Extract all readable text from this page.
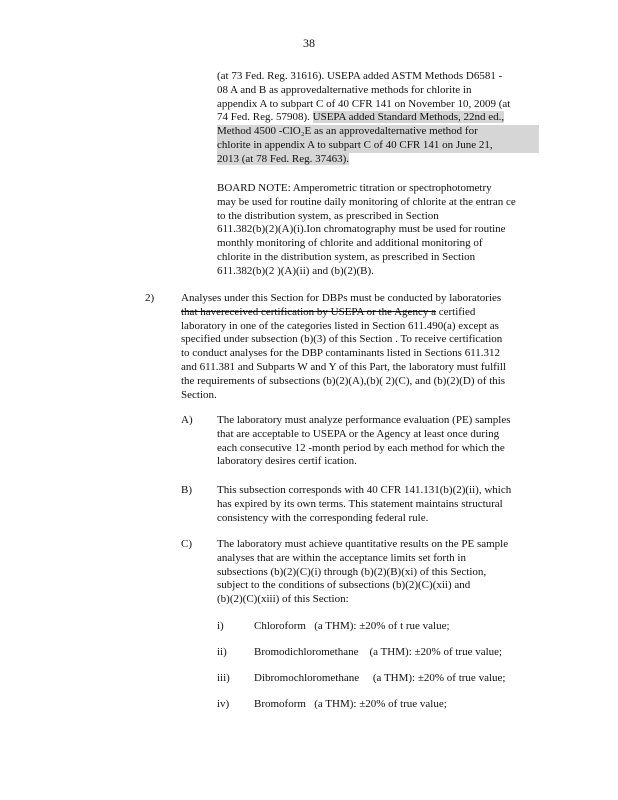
38

(at 73 Fed. Reg. 31616). USEPA added ASTM Methods D6581 -

08 A and B as approvedalternative methods for chlorite in

appendix A to subpart C of 40 CFR 141 on November 10, 2009 (at

74 Fed. Reg. 57908). USEPA added Standard Methods, 22nd ed.,

Method 4500 -ClO₂E as an approvedalternative method for

chlorite in appendix A to subpart C of 40 CFR 141 on June 21,

2013 (at 78 Fed. Reg. 37463).

BOARD NOTE: Amperometric titration or spectrophotometry

may be used for routine daily monitoring of chlorite at the entran ce

to the distribution system, as prescribed in Section

611.382(b)(2)(A)(i).Ion chromatography must be used for routine

monthly monitoring of chlorite and additional monitoring of

chlorite in the distribution system, as prescribed in Section

611.382(b)(2 )(A)(ii) and (b)(2)(B).

2) Analyses under this Section for DBPs must be conducted by laboratories

that havereceived certification by USEPA or the Agency a certified

laboratory in one of the categories listed in Section 611.490(a) except as

specified under subsection (b)(3) of this Section . To receive certification

to conduct analyses for the DBP contaminants listed in Sections 611.312

and 611.381 and Subparts W and Y of this Part, the laboratory must fulfill

the requirements of subsections (b)(2)(A),(b)( 2)(C), and (b)(2)(D) of this

Section.

A) The laboratory must analyze performance evaluation (PE) samples

that are acceptable to USEPA or the Agency at least once during

each consecutive 12 -month period by each method for which the

laboratory desires certif ication.

B) This subsection corresponds with 40 CFR 141.131(b)(2)(ii), which

has expired by its own terms. This statement maintains structural

consistency with the corresponding federal rule.

C) The laboratory must achieve quantitative results on the PE sample

analyses that are within the acceptance limits set forth in

subsections (b)(2)(C)(i) through (b)(2)(B)(xi) of this Section,

subject to the conditions of subsections (b)(2)(C)(xii) and

(b)(2)(C)(xiii) of this Section:

i)	Chloroform (a THM): ±20% of t rue value;
ii) Bromodichloromethane (a THM): ±20% of true value;
iii) Dibromochloromethane (a THM): ±20% of true value;
iv) Bromoform (a THM): ±20% of true value;
